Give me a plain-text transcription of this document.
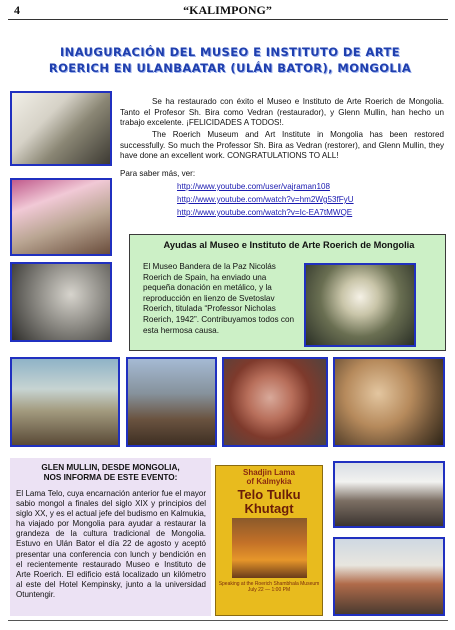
4	“KALIMPONG”
INAUGURACIÓN DEL MUSEO E INSTITUTO DE ARTE
ROERICH EN ULANBAATAR (ULÁN BATOR), MONGOLIA
Se ha restaurado con éxito el Museo e Instituto de Arte Roerich de Mongolia. Tanto el Profesor Sh. Bira como Vedran (restaurador), y Glenn Mullin, han hecho un trabajo excelente. ¡FELICIDADES A TODOS!.
The Roerich Museum and Art Institute in Mongolia has been restored successfully. So much the Professor Sh. Bira as Vedran (restorer), and Glenn Mullin, they have done an excellent work. CONGRATULATIONS TO ALL!
Para saber más, ver:
http://www.youtube.com/user/vajraman108
http://www.youtube.com/watch?v=hm2Wg53fFyU
http://www.youtube.com/watch?v=Ic-EA7tMWQE
Ayudas al Museo e Instituto de Arte Roerich de Mongolia
El Museo Bandera de la Paz Nicolás Roerich de Spain, ha enviado una pequeña donación en metálico, y la reproducción en lienzo de Svetoslav Roerich, titulada “Professor Nicholas Roerich, 1942”. Contribuyamos todos con esta hermosa causa.
GLEN MULLIN, DESDE MONGOLIA,
NOS INFORMA DE ESTE EVENTO:
El Lama Telo, cuya encarnación anterior fue el mayor sabio mongol a finales del siglo XIX y principios del siglo XX, y es el actual jefe del budismo en Kalmukia, ha viajado por Mongolia para ayudar a restaurar la grandeza de la cultura tradicional de Mongolia. Estuvo en Ulán Bator el día 22 de agosto y aceptó presentar una conferencia con lunch y bendición en el recientemente restaurado Museo e Instituto de Arte Roerich. El edificio está localizado un kilómetro al este del Hotel Kempinsky, junto a la universidad Otuntengir.
Shadjin Lama
of Kalmykia
Telo Tulku
Khutagt
Speaking at the Roerich Shambhala Museum July 22 — 1:00 PM
